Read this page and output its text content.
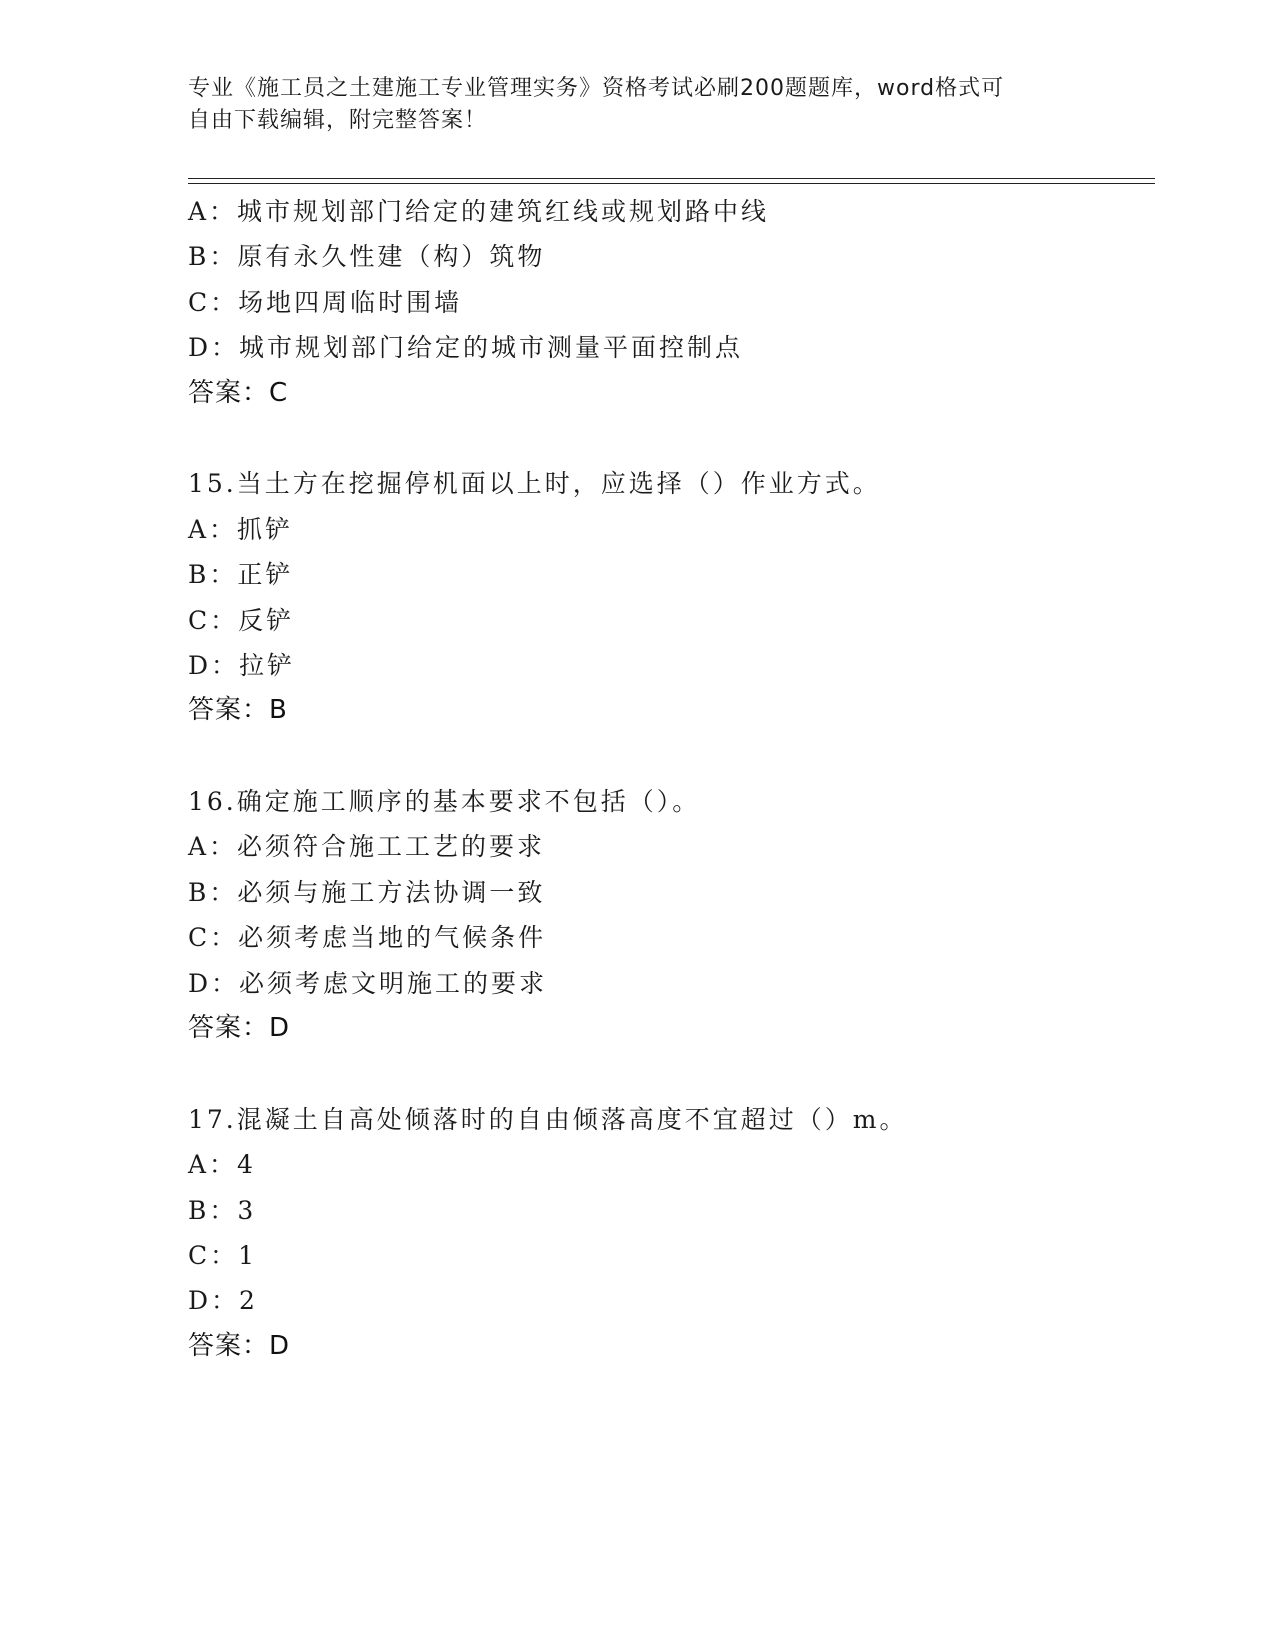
专业《施工员之土建施工专业管理实务》资格考试必刷200题题库，word格式可
自由下载编辑，附完整答案！
A：城市规划部门给定的建筑红线或规划路中线
B：原有永久性建（构）筑物
C：场地四周临时围墙
D：城市规划部门给定的城市测量平面控制点
答案：C
15.当土方在挖掘停机面以上时，应选择（）作业方式。
A：抓铲
B：正铲
C：反铲
D：拉铲
答案：B
16.确定施工顺序的基本要求不包括（）。
A：必须符合施工工艺的要求
B：必须与施工方法协调一致
C：必须考虑当地的气候条件
D：必须考虑文明施工的要求
答案：D
17.混凝土自高处倾落时的自由倾落高度不宜超过（）m。
A：4
B：3
C：1
D：2
答案：D
